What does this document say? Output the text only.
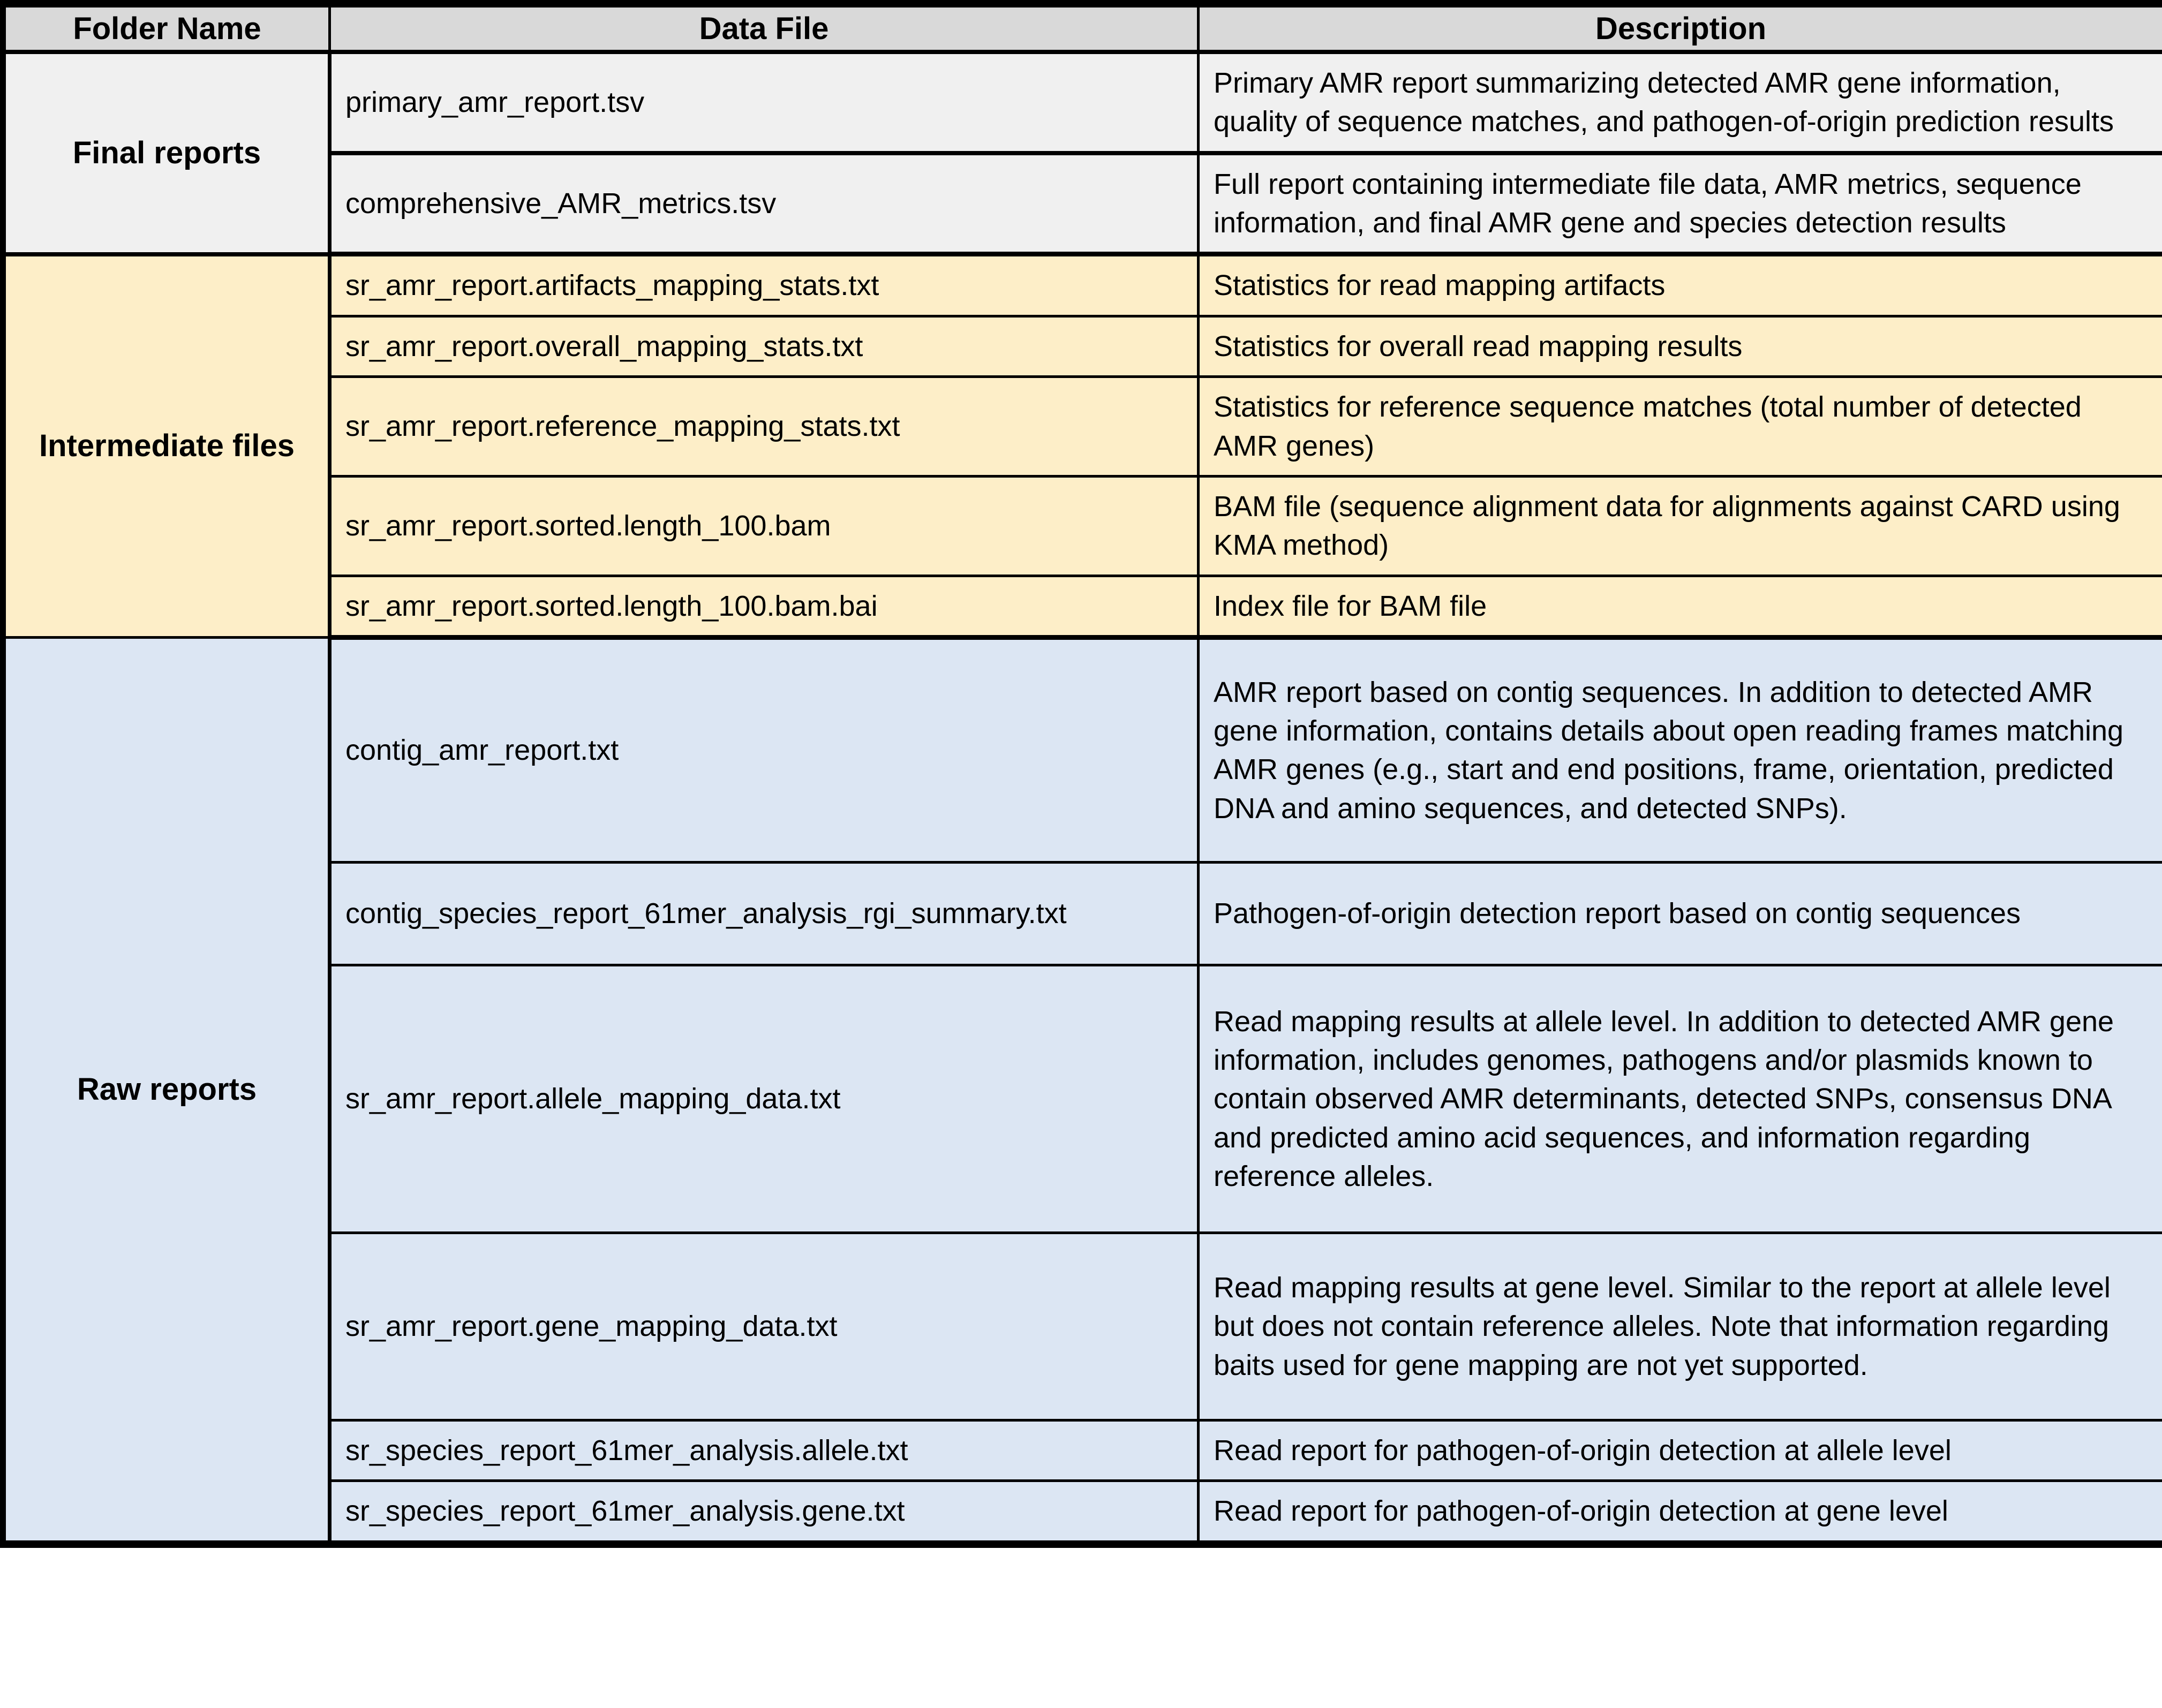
Folder Name	Data File	Description
Final reports	primary_amr_report.tsv	Primary AMR report summarizing detected AMR gene information, quality of sequence matches, and pathogen-of-origin prediction results
	comprehensive_AMR_metrics.tsv	Full report containing intermediate file data, AMR metrics, sequence information, and final AMR gene and species detection results
Intermediate files	sr_amr_report.artifacts_mapping_stats.txt	Statistics for read mapping artifacts
	sr_amr_report.overall_mapping_stats.txt	Statistics for overall read mapping results
	sr_amr_report.reference_mapping_stats.txt	Statistics for reference sequence matches (total number of detected AMR genes)
	sr_amr_report.sorted.length_100.bam	BAM file (sequence alignment data for alignments against CARD using KMA method)
	sr_amr_report.sorted.length_100.bam.bai	Index file for BAM file
Raw reports	contig_amr_report.txt	AMR report based on contig sequences. In addition to detected AMR gene information, contains details about open reading frames matching AMR genes (e.g., start and end positions, frame, orientation, predicted DNA and amino sequences, and detected SNPs).
	contig_species_report_61mer_analysis_rgi_summary.txt	Pathogen-of-origin detection report based on contig sequences
	sr_amr_report.allele_mapping_data.txt	Read mapping results at allele level. In addition to detected AMR gene information, includes genomes, pathogens and/or plasmids known to contain observed AMR determinants, detected SNPs, consensus DNA and predicted amino acid sequences, and information regarding reference alleles.
	sr_amr_report.gene_mapping_data.txt	Read mapping results at gene level. Similar to the report at allele level but does not contain reference alleles. Note that information regarding baits used for gene mapping are not yet supported.
	sr_species_report_61mer_analysis.allele.txt	Read report for pathogen-of-origin detection at allele level
	sr_species_report_61mer_analysis.gene.txt	Read report for pathogen-of-origin detection at gene level
